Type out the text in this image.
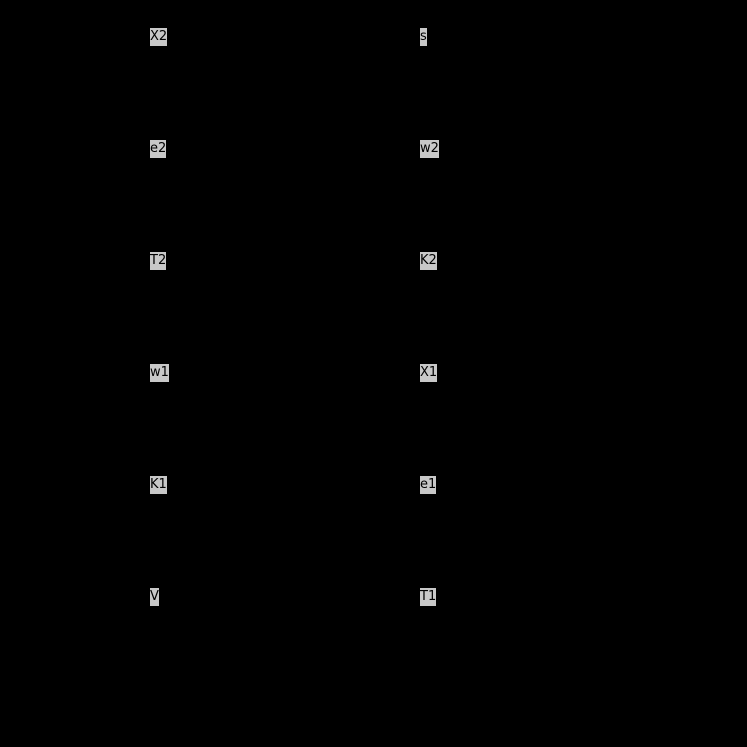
X2	s
e2	w2
T2	K2
w1	X1
K1	e1
V	T1
